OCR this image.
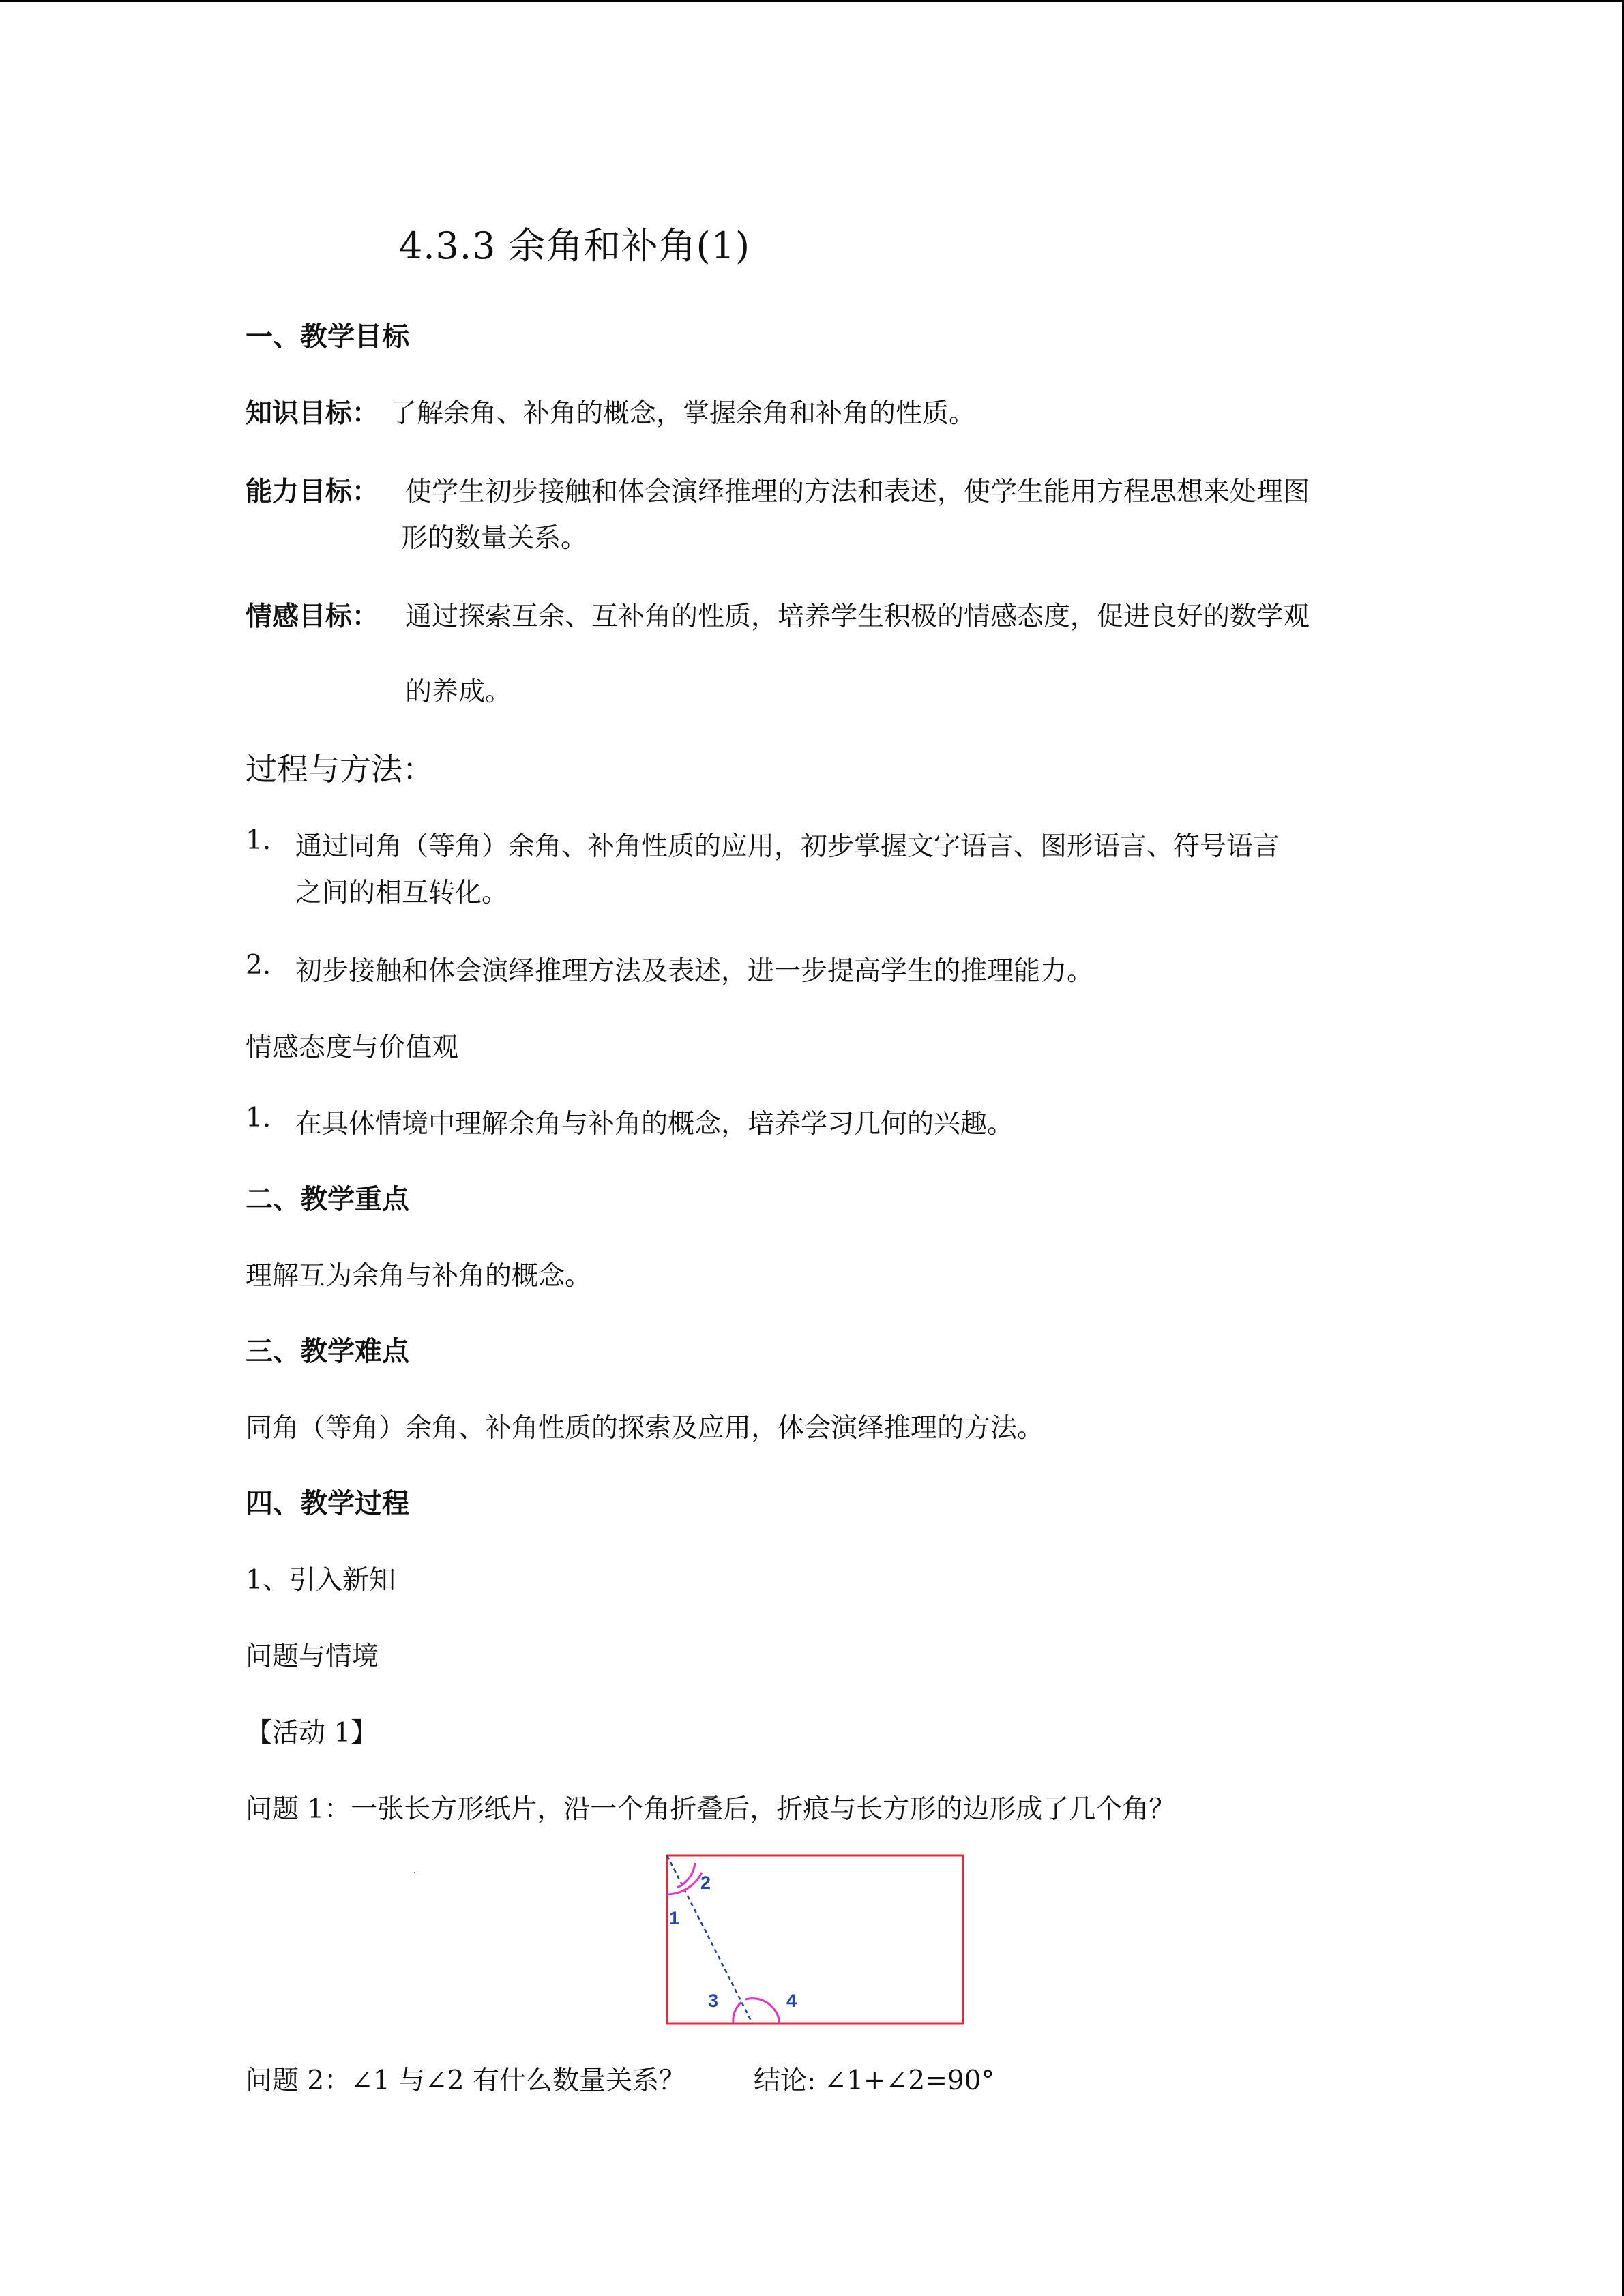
4.3.3 余角和补角(1)
一、教学目标
知识目标： 了解余角、补角的概念，掌握余角和补角的性质。
能力目标： 使学生初步接触和体会演绎推理的方法和表述，使学生能用方程思想来处理图
形的数量关系。
情感目标： 通过探索互余、互补角的性质，培养学生积极的情感态度，促进良好的数学观
的养成。
过程与方法：
1. 通过同角（等角）余角、补角性质的应用，初步掌握文字语言、图形语言、符号语言
之间的相互转化。
2. 初步接触和体会演绎推理方法及表述，进一步提高学生的推理能力。
情感态度与价值观
1. 在具体情境中理解余角与补角的概念，培养学习几何的兴趣。
二、教学重点
理解互为余角与补角的概念。
三、教学难点
同角（等角）余角、补角性质的探索及应用，体会演绎推理的方法。
四、教学过程
1、引入新知
问题与情境
【活动 1】
问题 1：一张长方形纸片，沿一个角折叠后，折痕与长方形的边形成了几个角？
1
2
3	4
问题 2：∠1 与∠2 有什么数量关系？	结论: ∠1+∠2=90°
